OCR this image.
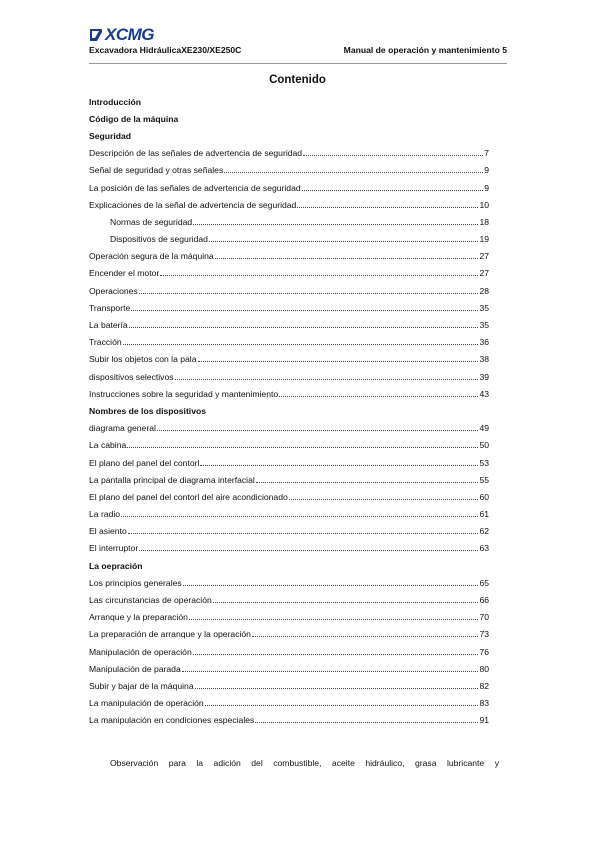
XCMG
Excavadora HidráulicaXE230/XE250C	Manual de operación y mantenimiento 5
Contenido
Introducción
Código de la máquina
Seguridad
Descripción de las señales de advertencia de seguridad	7
Señal de seguridad y otras señales	9
La posición de las señales de advertencia de seguridad	9
Explicaciones de la señal de advertencia de seguridad	10
Normas de seguridad	18
Dispositivos de seguridad	19
Operación segura de la máquina	27
Encender el motor	27
Operaciones	28
Transporte	35
La batería	35
Tracción	36
Subir los objetos con la pala	38
dispositivos selectivos	39
Instrucciones sobre la seguridad y mantenimiento	43
Nombres de los dispositivos
diagrama general	49
La cabina	50
El plano del panel del contorl	53
La pantalla principal de diagrama interfacial	55
El plano del panel del contorl del aire acondicionado	60
La radio	61
El asiento	62
El interruptor	63
La oepración
Los principios generales	65
Las circunstancias de operación	66
Arranque y la preparación	70
La preparación de arranque y la operación	73
Manipulación de operación	76
Manipulación de parada	80
Subir y bajar de la máquina	82
La manipulación de operación	83
La manipulación en condiciones especiales	91
Observación para la adición del combustible, aceite hidráulico, grasa lubricante y
